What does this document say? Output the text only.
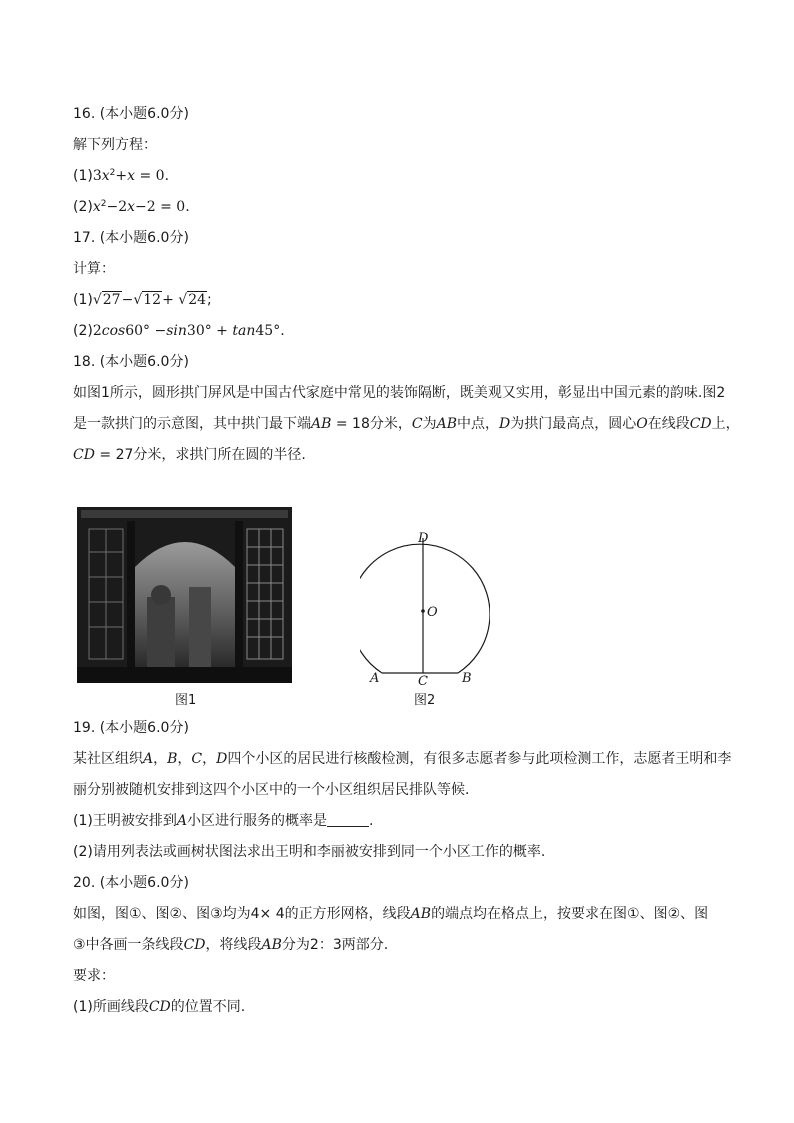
16. (本小题6.0分)
解下列方程：
$(1)3x^2+x = 0$.
$(2)x^2-2x-2 = 0$.
17. (本小题6.0分)
计算：
(1)√27−√12+ √24;
(2)2cos60° −sin30° + tan45°.
18. (本小题6.0分)
如图1所示，圆形拱门屏风是中国古代家庭中常见的装饰隔断，既美观又实用，彰显出中国元素的韵味.图2
是一款拱门的示意图，其中拱门最下端AB = 18分米，C为AB中点，D为拱门最高点，圆心O在线段CD上，
CD = 27分米，求拱门所在圆的半径.
图1
D
O
A	C	B
图2
19. (本小题6.0分)
某社区组织A，B，C，D四个小区的居民进行核酸检测，有很多志愿者参与此项检测工作，志愿者王明和李
丽分别被随机安排到这四个小区中的一个小区组织居民排队等候.
(1)王明被安排到A小区进行服务的概率是	.
(2)请用列表法或画树状图法求出王明和李丽被安排到同一个小区工作的概率.
20. (本小题6.0分)
如图，图①、图②、图③均为4× 4的正方形网格，线段AB的端点均在格点上，按要求在图①、图②、图
③中各画一条线段CD，将线段AB分为2：3两部分.
要求：
(1)所画线段CD的位置不同.
